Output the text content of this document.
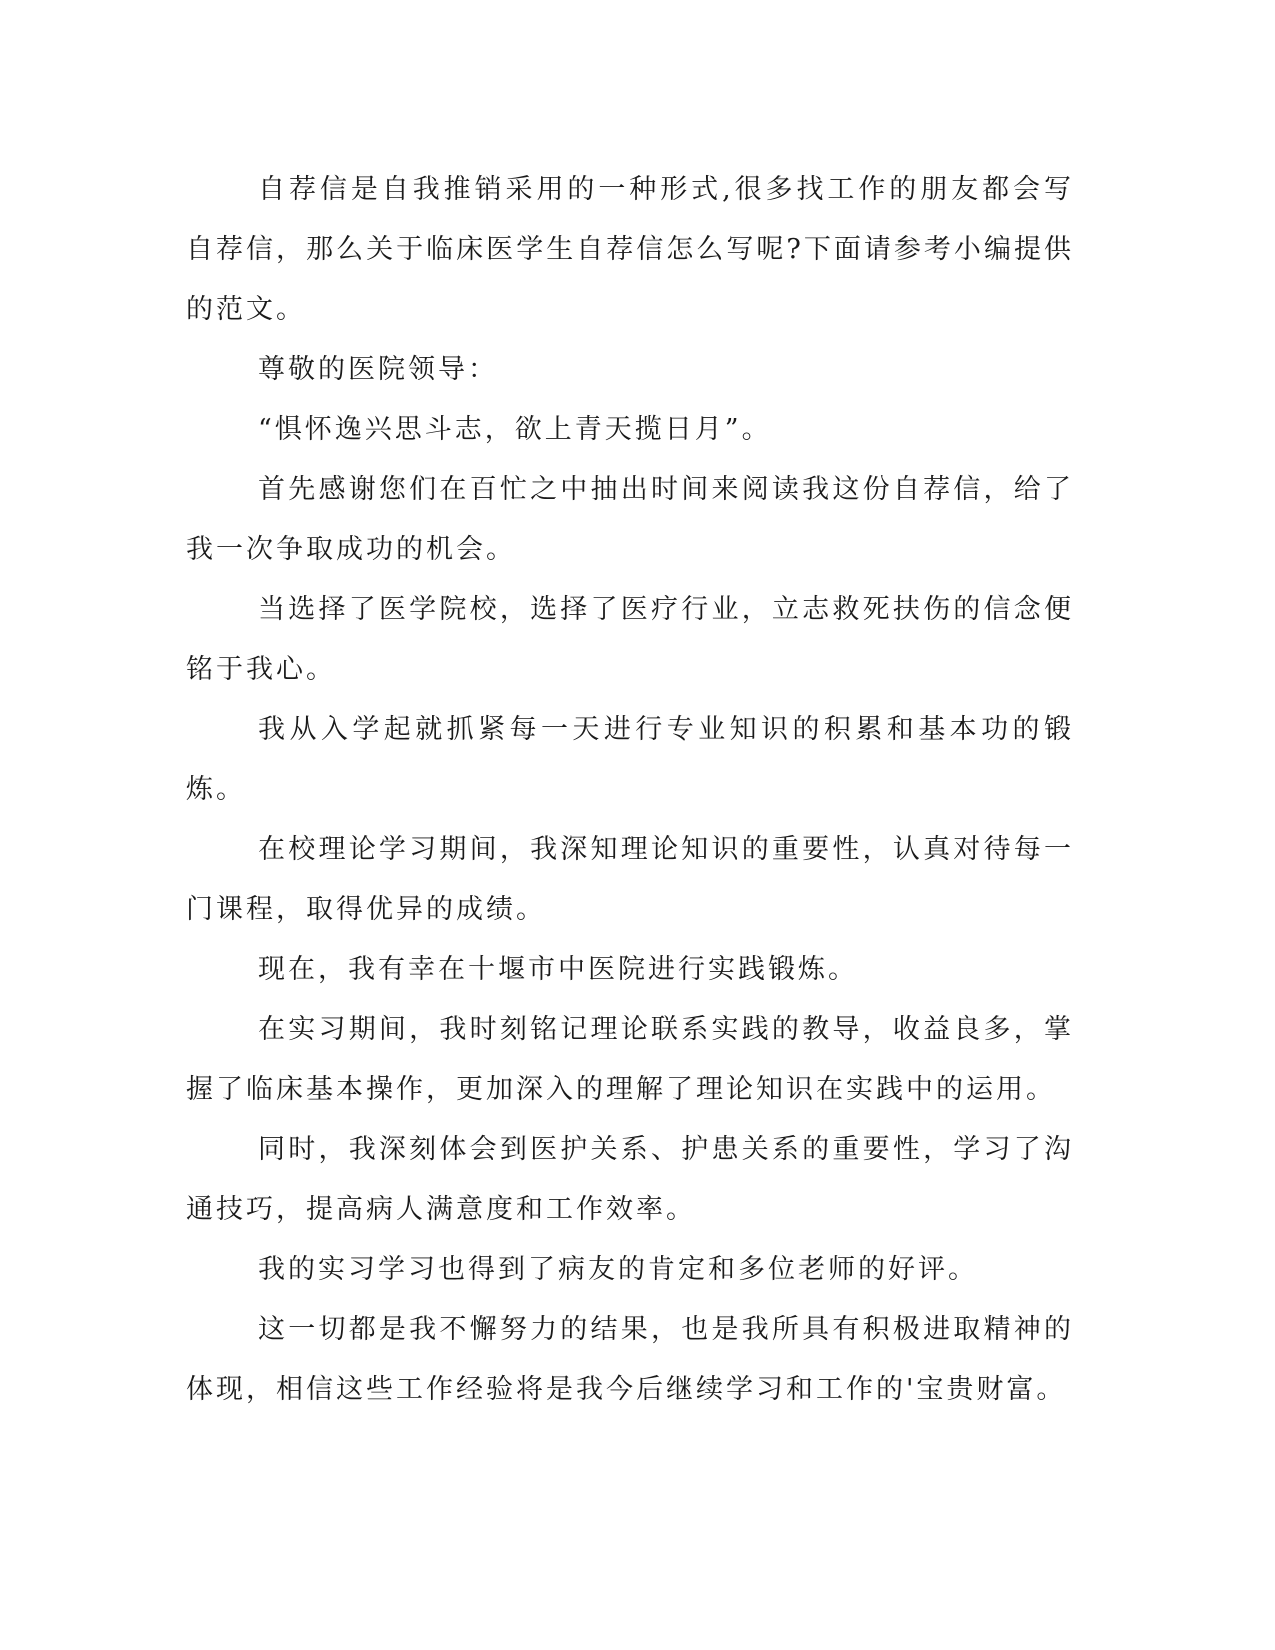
自荐信是自我推销采用的一种形式,很多找工作的朋友都会写自荐信，那么关于临床医学生自荐信怎么写呢?下面请参考小编提供的范文。

尊敬的医院领导：

“惧怀逸兴思斗志，欲上青天揽日月”。

首先感谢您们在百忙之中抽出时间来阅读我这份自荐信，给了我一次争取成功的机会。

当选择了医学院校，选择了医疗行业，立志救死扶伤的信念便铭于我心。

我从入学起就抓紧每一天进行专业知识的积累和基本功的锻炼。

在校理论学习期间，我深知理论知识的重要性，认真对待每一门课程，取得优异的成绩。

现在，我有幸在十堰市中医院进行实践锻炼。

在实习期间，我时刻铭记理论联系实践的教导，收益良多，掌握了临床基本操作，更加深入的理解了理论知识在实践中的运用。

同时，我深刻体会到医护关系、护患关系的重要性，学习了沟通技巧，提高病人满意度和工作效率。

我的实习学习也得到了病友的肯定和多位老师的好评。

这一切都是我不懈努力的结果，也是我所具有积极进取精神的体现，相信这些工作经验将是我今后继续学习和工作的'宝贵财富。
